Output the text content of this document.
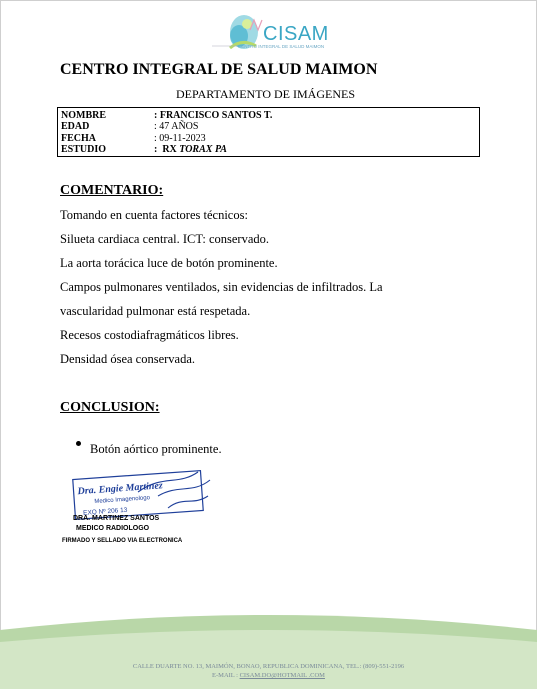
CISAM
CENTRO INTEGRAL DE SALUD MAIMON
CENTRO INTEGRAL DE SALUD MAIMON
DEPARTAMENTO DE IMÁGENES
NOMBRE	: FRANCISCO SANTOS T.
EDAD	: 47 AÑOS
FECHA	: 09-11-2023
ESTUDIO	:  RX TORAX PA
COMENTARIO:
Tomando en cuenta factores técnicos:
Silueta cardiaca central. ICT: conservado.
La aorta torácica luce de botón prominente.
Campos pulmonares ventilados, sin evidencias de infiltrados. La
vascularidad pulmonar está respetada.
Recesos costodiafragmáticos libres.
Densidad ósea conservada.
CONCLUSION:
Botón aórtico prominente.
Dra. Engie Martinez
Medico Imagenologo
EXQ Nº 206 13
DRA. MARTINEZ SANTOS
MEDICO RADIOLOGO
FIRMADO Y SELLADO VIA ELECTRONICA
CALLE DUARTE NO. 13, MAIMÓN, BONAO, REPUBLICA DOMINICANA, TEL.: (809)-551-2196
E-MAIL : CISAM.DO@HOTMAIL .COM
